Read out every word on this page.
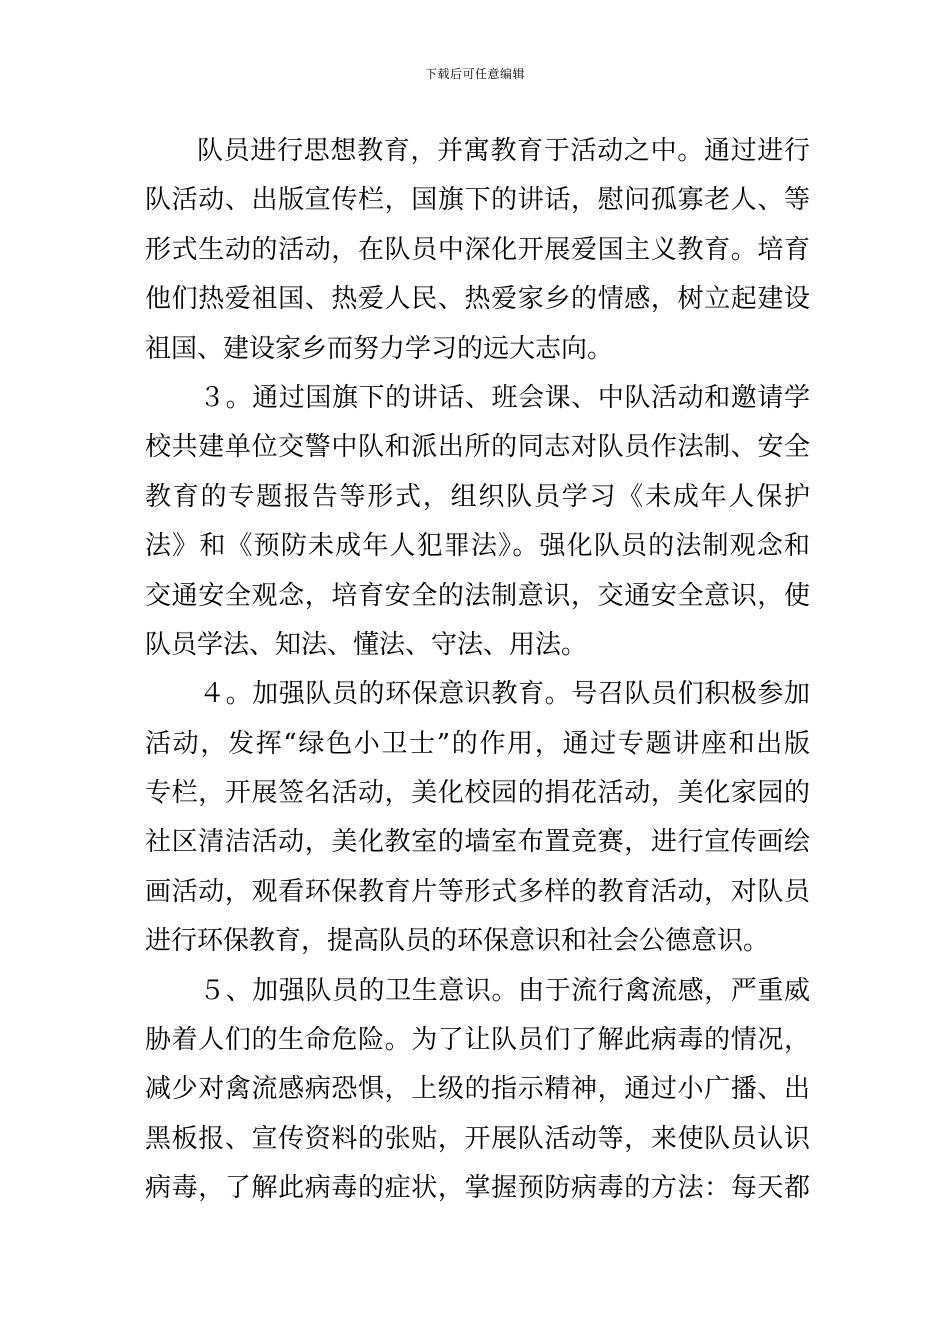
下载后可任意编辑
队员进行思想教育，并寓教育于活动之中。通过进行
队活动、出版宣传栏，国旗下的讲话，慰问孤寡老人、等
形式生动的活动，在队员中深化开展爱国主义教育。培育
他们热爱祖国、热爱人民、热爱家乡的情感，树立起建设
祖国、建设家乡而努力学习的远大志向。
３。通过国旗下的讲话、班会课、中队活动和邀请学
校共建单位交警中队和派出所的同志对队员作法制、安全
教育的专题报告等形式，组织队员学习《未成年人保护
法》和《预防未成年人犯罪法》。强化队员的法制观念和
交通安全观念，培育安全的法制意识，交通安全意识，使
队员学法、知法、懂法、守法、用法。
４。加强队员的环保意识教育。号召队员们积极参加
活动，发挥“绿色小卫士”的作用，通过专题讲座和出版
专栏，开展签名活动，美化校园的捐花活动，美化家园的
社区清洁活动，美化教室的墙室布置竞赛，进行宣传画绘
画活动，观看环保教育片等形式多样的教育活动，对队员
进行环保教育，提高队员的环保意识和社会公德意识。
５、加强队员的卫生意识。由于流行禽流感，严重威
胁着人们的生命危险。为了让队员们了解此病毒的情况，
减少对禽流感病恐惧，上级的指示精神，通过小广播、出
黑板报、宣传资料的张贴，开展队活动等，来使队员认识
病毒，了解此病毒的症状，掌握预防病毒的方法：每天都
